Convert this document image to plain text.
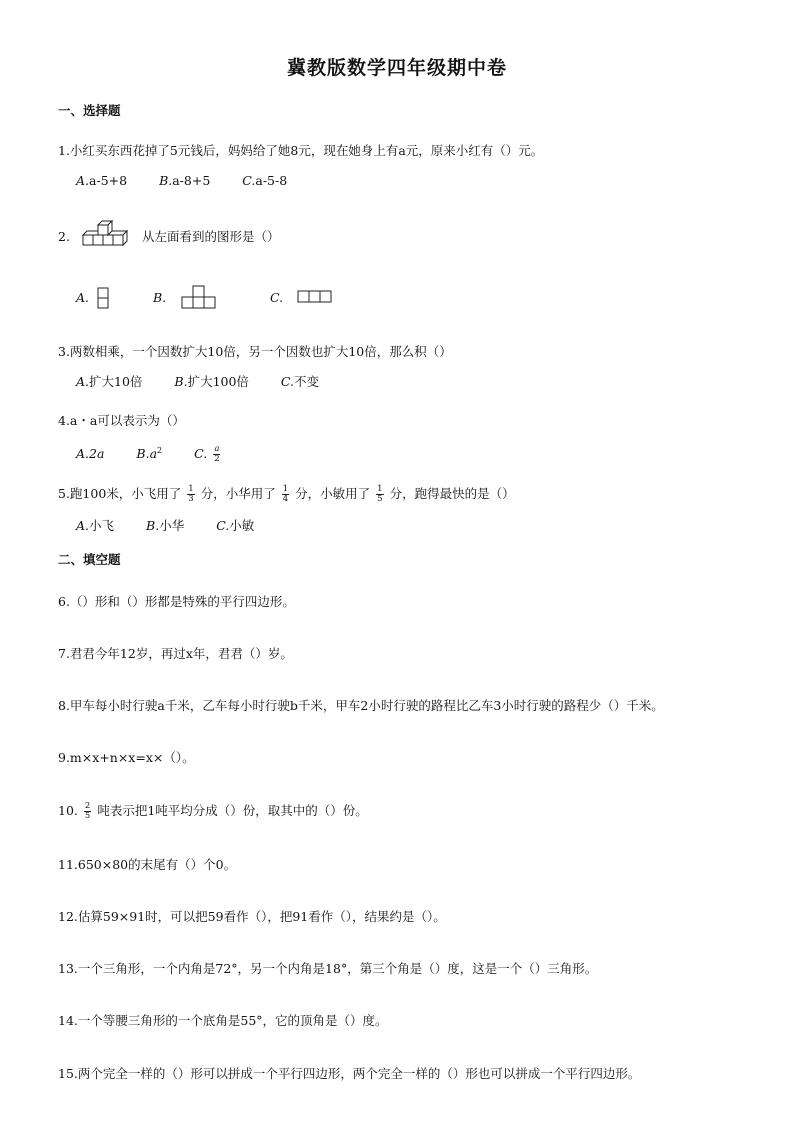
冀教版数学四年级期中卷
一、选择题
1.小红买东西花掉了5元钱后，妈妈给了她8元，现在她身上有a元，原来小红有（）元。
A.a-5+8	B.a-8+5	C.a-5-8
2.	从左面看到的图形是（）
A.	B.	C.
3.两数相乘，一个因数扩大10倍，另一个因数也扩大10倍，那么积（）
A.扩大10倍	B.扩大100倍	C.不变
4.a・a可以表示为（）
A.2a	$B.a^2$	C. $\frac{a}{2}$
5.跑100米，小飞用了 $\frac{1}{3}$ 分，小华用了 $\frac{1}{4}$ 分，小敏用了 $\frac{1}{5}$ 分，跑得最快的是（）
A.小飞	B.小华	C.小敏
二、填空题
6.（）形和（）形都是特殊的平行四边形。
7.君君今年12岁，再过x年，君君（）岁。
8.甲车每小时行驶a千米，乙车每小时行驶b千米，甲车2小时行驶的路程比乙车3小时行驶的路程少（）千米。
9.m×x+n×x=x×（）。
10. $\frac{2}{5}$ 吨表示把1吨平均分成（）份，取其中的（）份。
11.650×80的末尾有（）个0。
12.估算59×91时，可以把59看作（），把91看作（），结果约是（）。
13.一个三角形，一个内角是72°，另一个内角是18°，第三个角是（）度，这是一个（）三角形。
14.一个等腰三角形的一个底角是55°，它的顶角是（）度。
15.两个完全一样的（）形可以拼成一个平行四边形，两个完全一样的（）形也可以拼成一个平行四边形。
